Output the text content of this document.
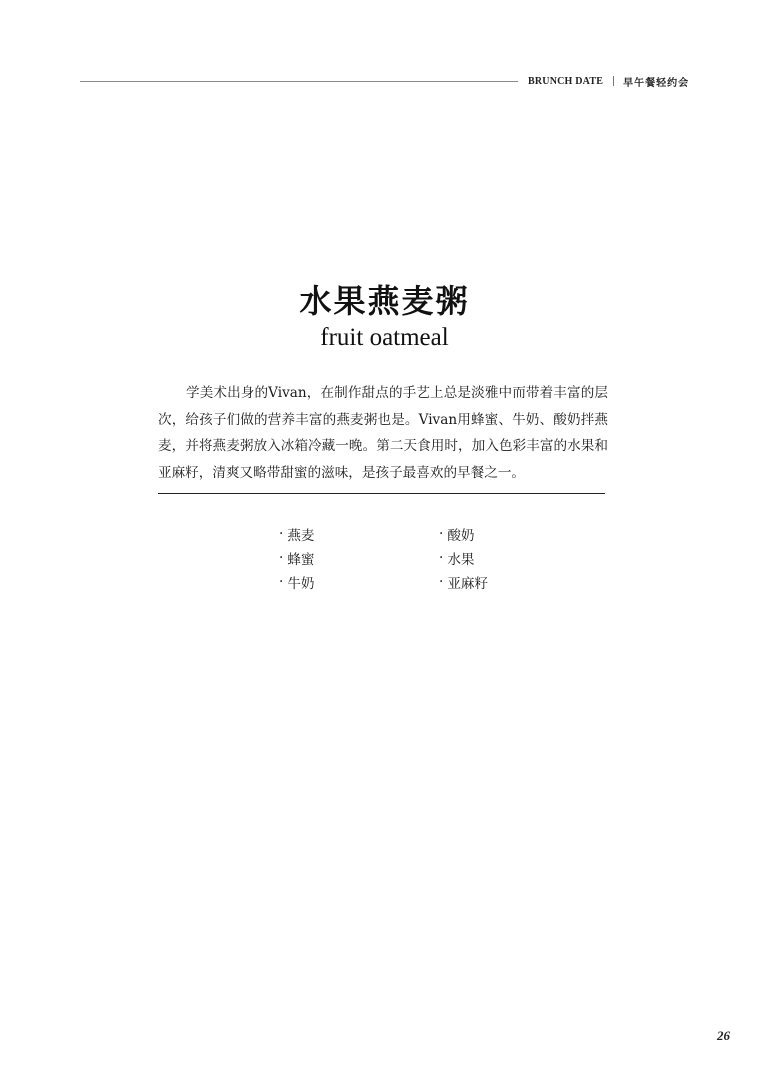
BRUNCH DATE 早午餐轻约会
水果燕麦粥
fruit oatmeal

学美术出身的Vivan，在制作甜点的手艺上总是淡雅中而带着丰富的层次，给孩子们做的营养丰富的燕麦粥也是。Vivan用蜂蜜、牛奶、酸奶拌燕麦，并将燕麦粥放入冰箱冷藏一晚。第二天食用时，加入色彩丰富的水果和亚麻籽，清爽又略带甜蜜的滋味，是孩子最喜欢的早餐之一。

· 燕麦
· 蜂蜜
· 牛奶
· 酸奶
· 水果
· 亚麻籽
26
